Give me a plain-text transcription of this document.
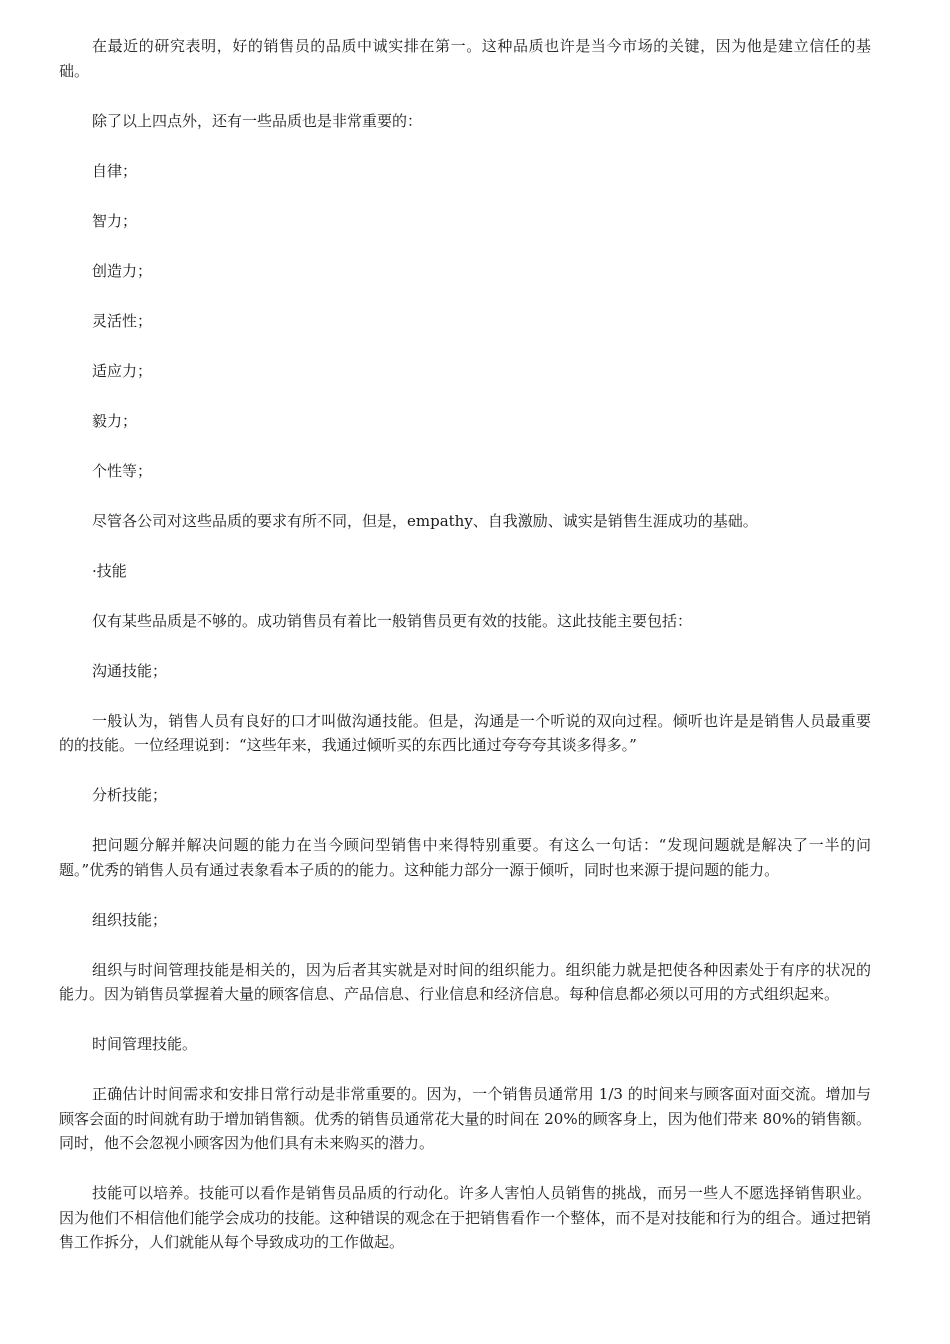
在最近的研究表明，好的销售员的品质中诚实排在第一。这种品质也许是当今市场的关键，因为他是建立信任的基础。

除了以上四点外，还有一些品质也是非常重要的：

自律；

智力；

创造力；

灵活性；

适应力；

毅力；

个性等；

尽管各公司对这些品质的要求有所不同，但是，empathy、自我激励、诚实是销售生涯成功的基础。

·技能

仅有某些品质是不够的。成功销售员有着比一般销售员更有效的技能。这此技能主要包括：

沟通技能；

一般认为，销售人员有良好的口才叫做沟通技能。但是，沟通是一个听说的双向过程。倾听也许是是销售人员最重要的的技能。一位经理说到：“这些年来，我通过倾听买的东西比通过夸夸夸其谈多得多。”

分析技能；

把问题分解并解决问题的能力在当今顾问型销售中来得特别重要。有这么一句话：“发现问题就是解决了一半的问题。”优秀的销售人员有通过表象看本子质的的能力。这种能力部分一源于倾听，同时也来源于提问题的能力。

组织技能；

组织与时间管理技能是相关的，因为后者其实就是对时间的组织能力。组织能力就是把使各种因素处于有序的状况的能力。因为销售员掌握着大量的顾客信息、产品信息、行业信息和经济信息。每种信息都必须以可用的方式组织起来。

时间管理技能。

正确估计时间需求和安排日常行动是非常重要的。因为，一个销售员通常用 1/3 的时间来与顾客面对面交流。增加与顾客会面的时间就有助于增加销售额。优秀的销售员通常花大量的时间在 20%的顾客身上，因为他们带来 80%的销售额。同时，他不会忽视小顾客因为他们具有未来购买的潜力。

技能可以培养。技能可以看作是销售员品质的行动化。许多人害怕人员销售的挑战，而另一些人不愿选择销售职业。因为他们不相信他们能学会成功的技能。这种错误的观念在于把销售看作一个整体，而不是对技能和行为的组合。通过把销售工作拆分，人们就能从每个导致成功的工作做起。
